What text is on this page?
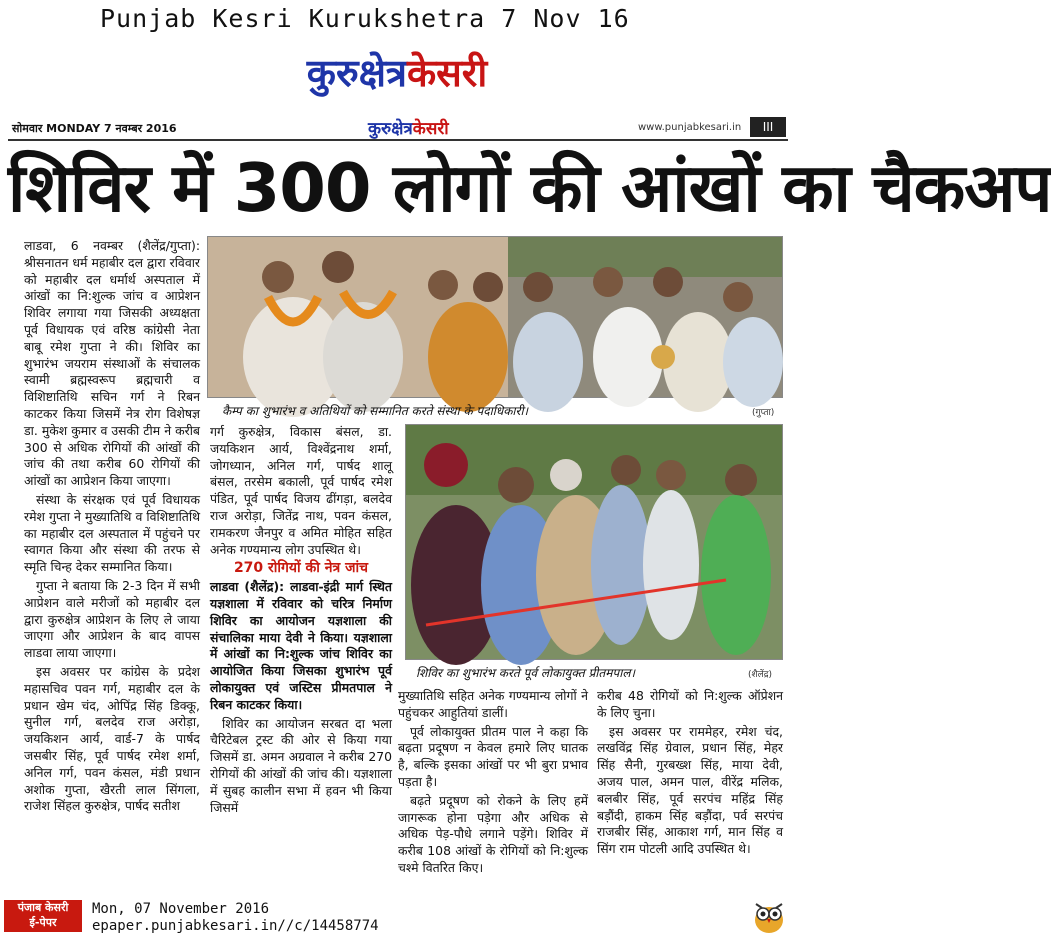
Punjab Kesri Kurukshetra 7 Nov 16
कुरुक्षेत्रकेसरी
सोमवार MONDAY 7 नवम्बर 2016	कुरुक्षेत्रकेसरी	www.punjabkesari.in	III
शिविर में 300 लोगों की आंखों का चैकअप

लाडवा, 6 नवम्बर (शैलेंद्र/गुप्ता): श्रीसनातन धर्म महाबीर दल द्वारा रविवार को महाबीर दल धर्मार्थ अस्पताल में आंखों का नि:शुल्क जांच व आप्रेशन शिविर लगाया गया जिसकी अध्यक्षता पूर्व विधायक एवं वरिष्ठ कांग्रेसी नेता बाबू रमेश गुप्ता ने की। शिविर का शुभारंभ जयराम संस्थाओं के संचालक स्वामी ब्रह्मस्वरूप ब्रह्मचारी व विशिष्टातिथि सचिन गर्ग ने रिबन काटकर किया जिसमें नेत्र रोग विशेषज्ञ डा. मुकेश कुमार व उसकी टीम ने करीब 300 से अधिक रोगियों की आंखों की जांच की तथा करीब 60 रोगियों की आंखों का आप्रेशन किया जाएगा।

संस्था के संरक्षक एवं पूर्व विधायक रमेश गुप्ता ने मुख्यातिथि व विशिष्टातिथि का महाबीर दल अस्पताल में पहुंचने पर स्वागत किया और संस्था की तरफ से स्मृति चिन्ह देकर सम्मानित किया।

गुप्ता ने बताया कि 2-3 दिन में सभी आप्रेशन वाले मरीजों को महाबीर दल द्वारा कुरुक्षेत्र आप्रेशन के लिए ले जाया जाएगा और आप्रेशन के बाद वापस लाडवा लाया जाएगा।

इस अवसर पर कांग्रेस के प्रदेश महासचिव पवन गर्ग, महाबीर दल के प्रधान खेम चंद, ओपिंद्र सिंह डिक्कू, सुनील गर्ग, बलदेव राज अरोड़ा, जयकिशन आर्य, वार्ड-7 के पार्षद जसबीर सिंह, पूर्व पार्षद रमेश शर्मा, अनिल गर्ग, पवन कंसल, मंडी प्रधान अशोक गुप्ता, खैरती लाल सिंगला, राजेश सिंहल कुरुक्षेत्र, पार्षद सतीश

कैम्प का शुभारंभ व अतिथियों को सम्मानित करते संस्था के पदाधिकारी।	(गुप्ता)

गर्ग कुरुक्षेत्र, विकास बंसल, डा. जयकिशन आर्य, विश्वेंद्रनाथ शर्मा, जोगध्यान, अनिल गर्ग, पार्षद शालू बंसल, तरसेम बकाली, पूर्व पार्षद रमेश पंडित, पूर्व पार्षद विजय ढींगड़ा, बलदेव राज अरोड़ा, जितेंद्र नाथ, पवन कंसल, रामकरण जैनपुर व अमित मोहित सहित अनेक गण्यमान्य लोग उपस्थित थे।

270 रोगियों की नेत्र जांच

लाडवा (शैलेंद्र): लाडवा-इंद्री मार्ग स्थित यज्ञशाला में रविवार को चरित्र निर्माण शिविर का आयोजन यज्ञशाला की संचालिका माया देवी ने किया। यज्ञशाला में आंखों का नि:शुल्क जांच शिविर का आयोजित किया जिसका शुभारंभ पूर्व लोकायुक्त एवं जस्टिस प्रीमतपाल ने रिबन काटकर किया।

शिविर का आयोजन सरबत दा भला चैरिटेबल ट्रस्ट की ओर से किया गया जिसमें डा. अमन अग्रवाल ने करीब 270 रोगियों की आंखों की जांच की। यज्ञशाला में सुबह कालीन सभा में हवन भी किया जिसमें

शिविर का शुभारंभ करते पूर्व लोकायुक्त प्रीतमपाल।	(शैलेंद्र)

मुख्यातिथि सहित अनेक गण्यमान्य लोगों ने पहुंचकर आहुतियां डालीं।

पूर्व लोकायुक्त प्रीतम पाल ने कहा कि बढ़ता प्रदूषण न केवल हमारे लिए घातक है, बल्कि इसका आंखों पर भी बुरा प्रभाव पड़ता है।

बढ़ते प्रदूषण को रोकने के लिए हमें जागरूक होना पड़ेगा और अधिक से अधिक पेड़-पौधे लगाने पड़ेंगे। शिविर में करीब 108 आंखों के रोगियों को नि:शुल्क चश्मे वितरित किए।

करीब 48 रोगियों को नि:शुल्क ऑप्रेशन के लिए चुना।

इस अवसर पर राममेहर, रमेश चंद, लखविंद्र सिंह ग्रेवाल, प्रधान सिंह, मेहर सिंह सैनी, गुरबख्श सिंह, माया देवी, अजय पाल, अमन पाल, वीरेंद्र मलिक, बलबीर सिंह, पूर्व सरपंच महिंद्र सिंह बड़ौंदी, हाकम सिंह बड़ौंदा, पर्व सरपंच राजबीर सिंह, आकाश गर्ग, मान सिंह व सिंग राम पोटली आदि उपस्थित थे।

पंजाब केसरी
ई-पेपर
Mon, 07 November 2016
epaper.punjabkesari.in//c/14458774
